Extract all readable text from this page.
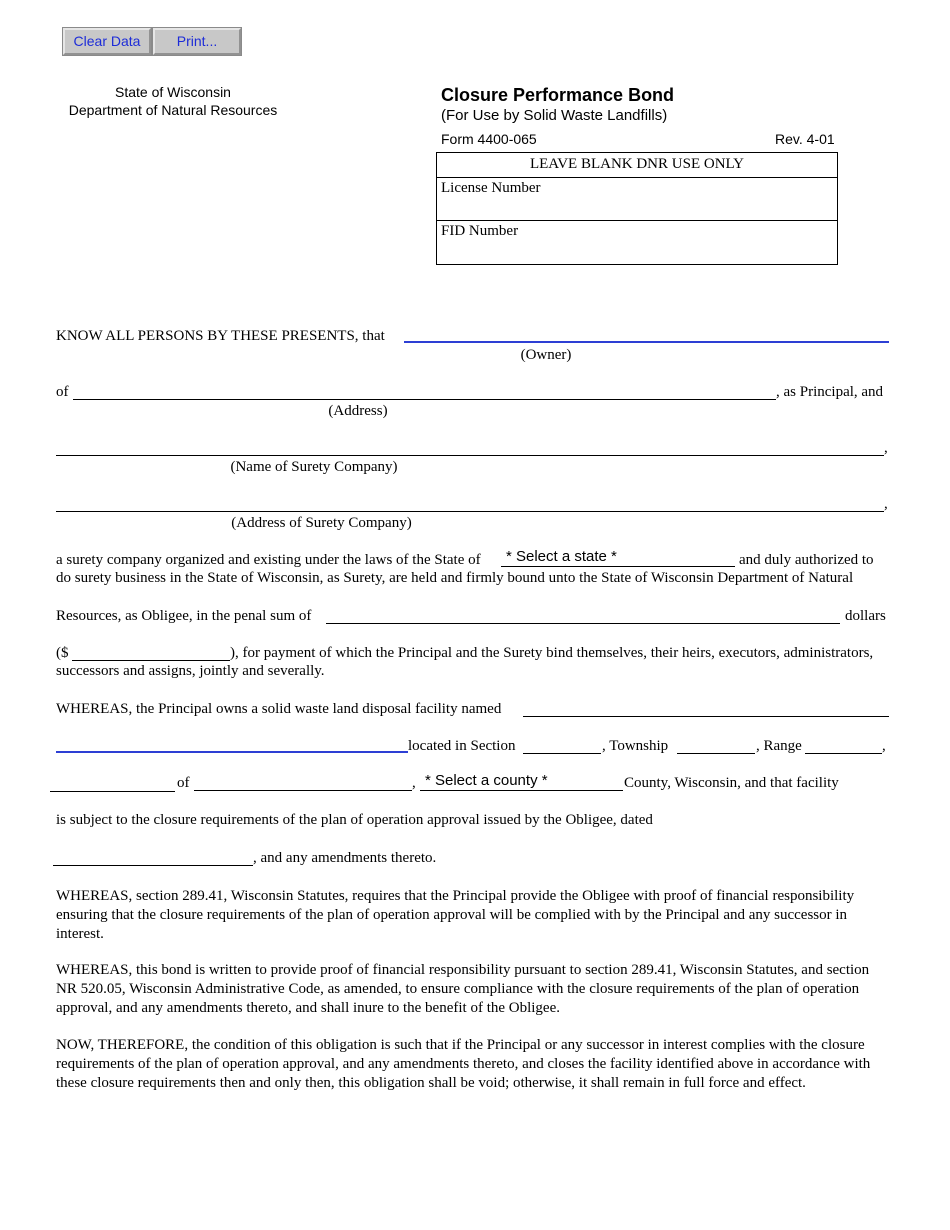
Clear Data	Print...
State of Wisconsin
Department of Natural Resources
Closure Performance Bond
(For Use by Solid Waste Landfills)
Form 4400-065	Rev. 4-01
LEAVE BLANK DNR USE ONLY
License Number
FID Number
KNOW ALL PERSONS BY THESE PRESENTS, that
(Owner)
of	, as Principal, and
(Address)
,
(Name of Surety Company)
,
(Address of Surety Company)
a surety company organized and existing under the laws of the State of * Select a state *	and duly authorized to
do surety business in the State of Wisconsin, as Surety, are held and firmly bound unto the State of Wisconsin Department of Natural
Resources, as Obligee, in the penal sum of	dollars
($	), for payment of which the Principal and the Surety bind themselves, their heirs, executors, administrators,
successors and assigns, jointly and severally.
WHEREAS, the Principal owns a solid waste land disposal facility named
located in Section	, Township	, Range	,
of	, * Select a county *	County, Wisconsin, and that facility
is subject to the closure requirements of the plan of operation approval issued by the Obligee, dated
, and any amendments thereto.
WHEREAS, section 289.41, Wisconsin Statutes, requires that the Principal provide the Obligee with proof of financial responsibility ensuring that the closure requirements of the plan of operation approval will be complied with by the Principal and any successor in interest.
WHEREAS, this bond is written to provide proof of financial responsibility pursuant to section 289.41, Wisconsin Statutes, and section NR 520.05, Wisconsin Administrative Code, as amended, to ensure compliance with the closure requirements of the plan of operation approval, and any amendments thereto, and shall inure to the benefit of the Obligee.
NOW, THEREFORE, the condition of this obligation is such that if the Principal or any successor in interest complies with the closure requirements of the plan of operation approval, and any amendments thereto, and closes the facility identified above in accordance with these closure requirements then and only then, this obligation shall be void; otherwise, it shall remain in full force and effect.
